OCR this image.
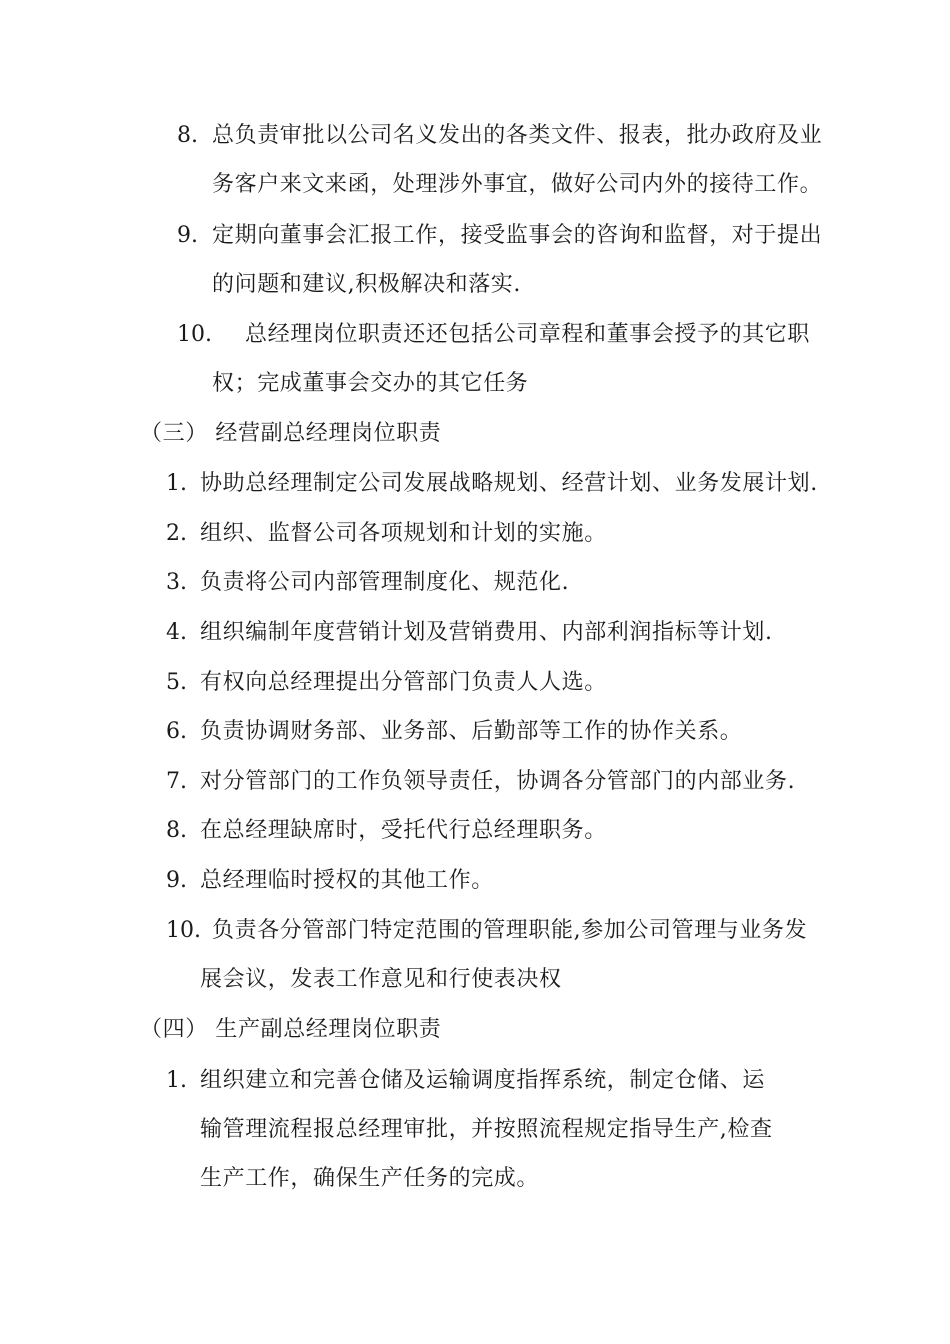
8. 总负责审批以公司名义发出的各类文件、报表，批办政府及业
务客户来文来函，处理涉外事宜，做好公司内外的接待工作。
9. 定期向董事会汇报工作，接受监事会的咨询和监督，对于提出
的问题和建议,积极解决和落实.
10. 总经理岗位职责还还包括公司章程和董事会授予的其它职
权；完成董事会交办的其它任务
（三） 经营副总经理岗位职责
1. 协助总经理制定公司发展战略规划、经营计划、业务发展计划.
2. 组织、监督公司各项规划和计划的实施。
3. 负责将公司内部管理制度化、规范化.
4. 组织编制年度营销计划及营销费用、内部利润指标等计划.
5. 有权向总经理提出分管部门负责人人选。
6. 负责协调财务部、业务部、后勤部等工作的协作关系。
7. 对分管部门的工作负领导责任，协调各分管部门的内部业务.
8. 在总经理缺席时，受托代行总经理职务。
9. 总经理临时授权的其他工作。
10. 负责各分管部门特定范围的管理职能,参加公司管理与业务发
展会议，发表工作意见和行使表决权
（四） 生产副总经理岗位职责
1. 组织建立和完善仓储及运输调度指挥系统，制定仓储、运
输管理流程报总经理审批，并按照流程规定指导生产,检查
生产工作，确保生产任务的完成。
